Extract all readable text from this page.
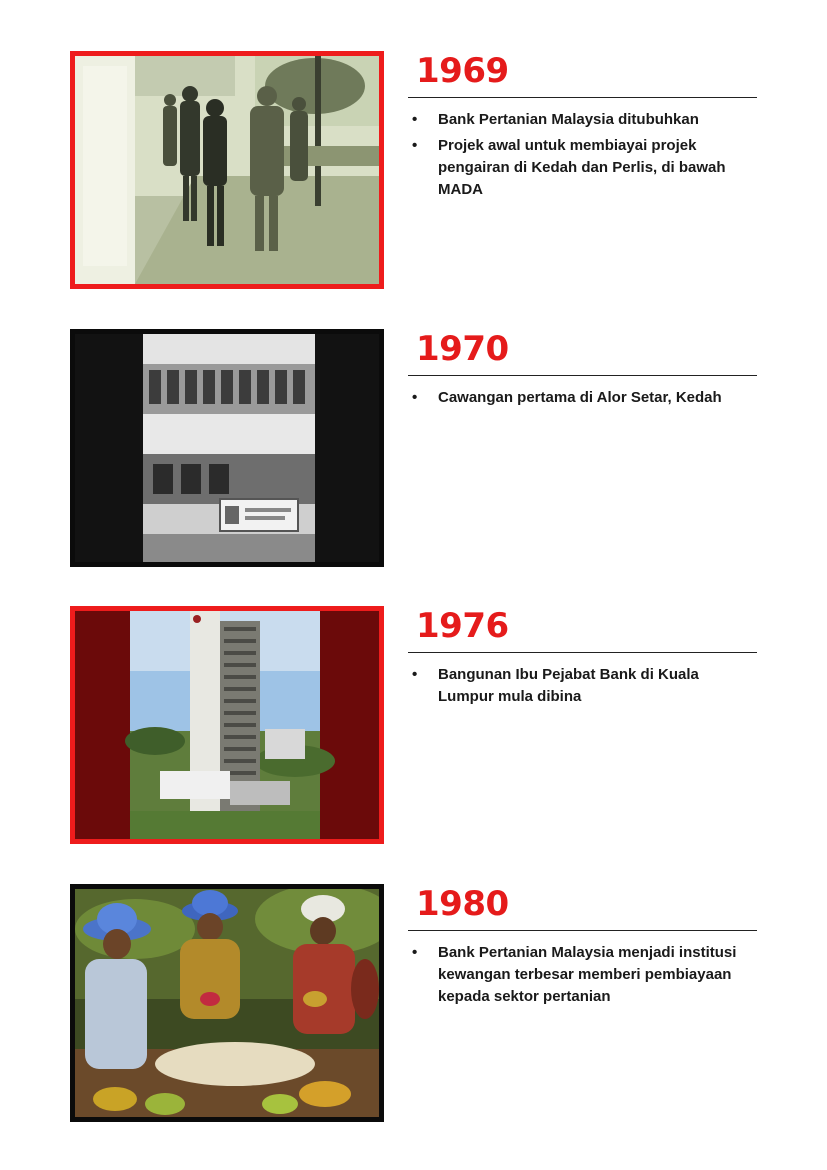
1969
• Bank Pertanian Malaysia ditubuhkan
• Projek awal untuk membiayai projek pengairan di Kedah dan Perlis, di bawah MADA
1970
• Cawangan pertama di Alor Setar, Kedah
1976
• Bangunan Ibu Pejabat Bank di Kuala Lumpur mula dibina
1980
• Bank Pertanian Malaysia menjadi institusi kewangan terbesar memberi pembiayaan kepada sektor pertanian
